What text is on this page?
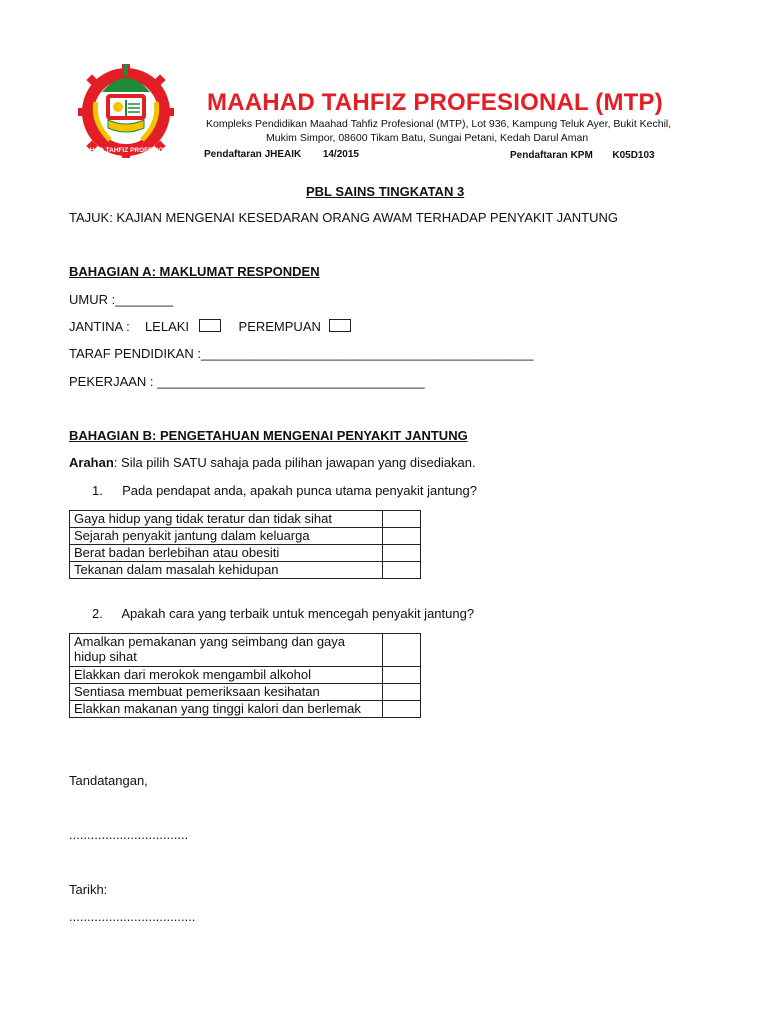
MAAHAD TAHFIZ PROFESIONAL
MAAHAD TAHFIZ PROFESIONAL (MTP)
Kompleks Pendidikan Maahad Tahfiz Profesional (MTP), Lot 936, Kampung Teluk Ayer, Bukit Kechil,
Mukim Simpor, 08600 Tikam Batu, Sungai Petani, Kedah Darul Aman
Pendaftaran JHEAIK 14/2015	Pendaftaran KPM K05D103
PBL SAINS TINGKATAN 3
TAJUK: KAJIAN MENGENAI KESEDARAN ORANG AWAM TERHADAP PENYAKIT JANTUNG
BAHAGIAN A: MAKLUMAT RESPONDEN
UMUR :________
JANTINA : LELAKI	PEREMPUAN
TARAF PENDIDIKAN :______________________________________________
PEKERJAAN : _____________________________________
BAHAGIAN B: PENGETAHUAN MENGENAI PENYAKIT JANTUNG
Arahan: Sila pilih SATU sahaja pada pilihan jawapan yang disediakan.
1. Pada pendapat anda, apakah punca utama penyakit jantung?
Gaya hidup yang tidak teratur dan tidak sihat	
Sejarah penyakit jantung dalam keluarga	
Berat badan berlebihan atau obesiti	
Tekanan dalam masalah kehidupan	
2. Apakah cara yang terbaik untuk mencegah penyakit jantung?
Amalkan pemakanan yang seimbang dan gaya hidup sihat	
Elakkan dari merokok mengambil alkohol	
Sentiasa membuat pemeriksaan kesihatan	
Elakkan makanan yang tinggi kalori dan berlemak	
Tandatangan,
.................................
Tarikh:
...................................
